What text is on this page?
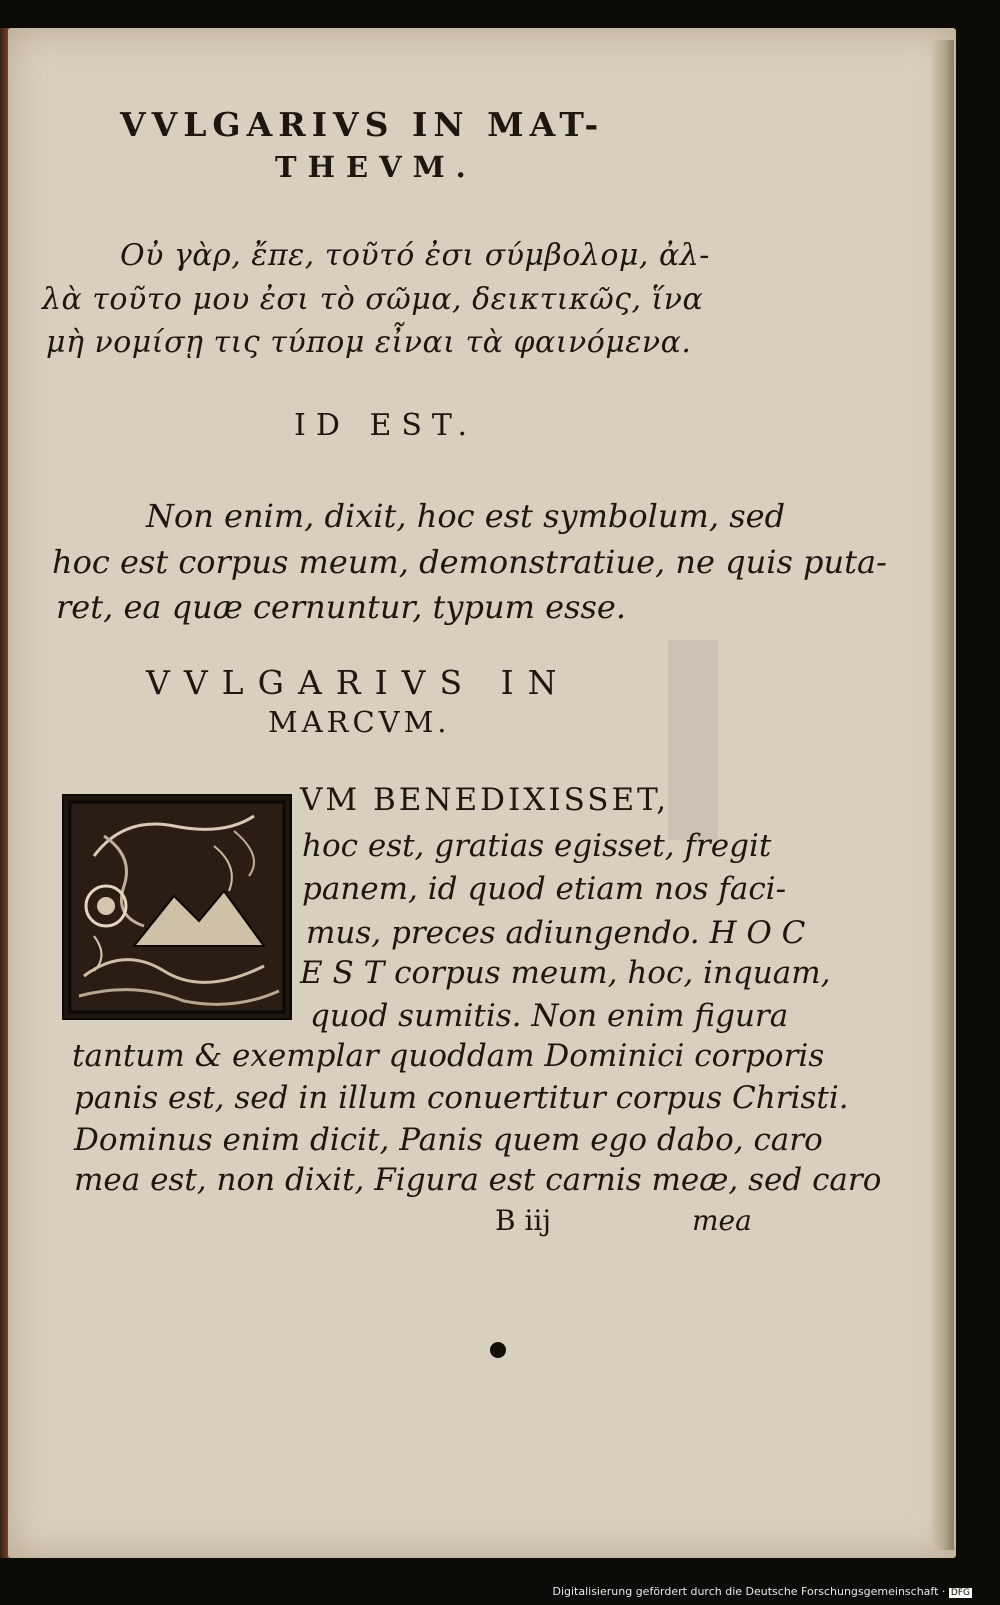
VVLGARIVS IN MAT-
THEVM.
Οὐ γὰρ, ἔπε, τοῦτό ἐσι σύμβολομ, ἀλ-
λὰ τοῦτο μου ἐσι τὸ σῶμα, δεικτικῶς, ἵνα
μὴ νομίσῃ τις τύπομ εἶναι τὰ φαινόμενα.
ID EST.
Non enim, dixit, hoc est symbolum, sed
hoc est corpus meum, demonstratiue, ne quis puta-
ret, ea quæ cernuntur, typum esse.
VVLGARIVS IN
MARCVM.
VM BENEDIXISSET,
hoc est, gratias egisset, fregit
panem, id quod etiam nos faci-
mus, preces adiungendo. H O C
E S T corpus meum, hoc, inquam,
quod sumitis. Non enim figura
tantum & exemplar quoddam Dominici corporis
panis est, sed in illum conuertitur corpus Christi.
Dominus enim dicit, Panis quem ego dabo, caro
mea est, non dixit, Figura est carnis meæ, sed caro
B iij	mea
Digitalisierung gefördert durch die Deutsche Forschungsgemeinschaft · DFG
